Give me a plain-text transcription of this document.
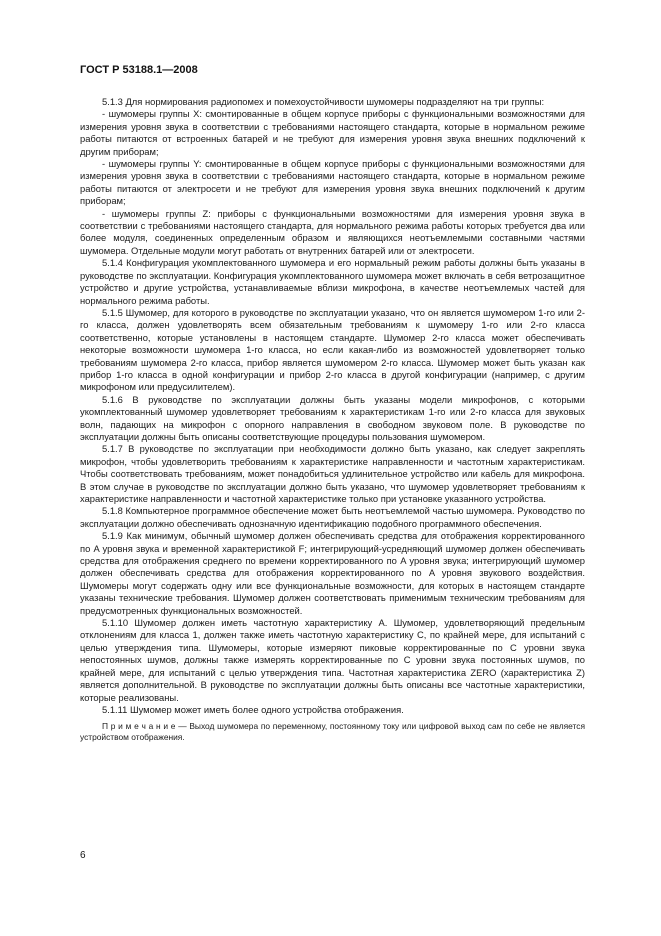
ГОСТ Р 53188.1—2008

5.1.3 Для нормирования радиопомех и помехоустойчивости шумомеры подразделяют на три группы:

- шумомеры группы X: смонтированные в общем корпусе приборы с функциональными возможностями для измерения уровня звука в соответствии с требованиями настоящего стандарта, которые в нормальном режиме работы питаются от встроенных батарей и не требуют для измерения уровня звука внешних подключений к другим приборам;

- шумомеры группы Y: смонтированные в общем корпусе приборы с функциональными возможностями для измерения уровня звука в соответствии с требованиями настоящего стандарта, которые в нормальном режиме работы питаются от электросети и не требуют для измерения уровня звука внешних подключений к другим приборам;

- шумомеры группы Z: приборы с функциональными возможностями для измерения уровня звука в соответствии с требованиями настоящего стандарта, для нормального режима работы которых требуется два или более модуля, соединенных определенным образом и являющихся неотъемлемыми составными частями шумомера. Отдельные модули могут работать от внутренних батарей или от электросети.

5.1.4 Конфигурация укомплектованного шумомера и его нормальный режим работы должны быть указаны в руководстве по эксплуатации. Конфигурация укомплектованного шумомера может включать в себя ветрозащитное устройство и другие устройства, устанавливаемые вблизи микрофона, в качестве неотъемлемых частей для нормального режима работы.

5.1.5 Шумомер, для которого в руководстве по эксплуатации указано, что он является шумомером 1-го или 2-го класса, должен удовлетворять всем обязательным требованиям к шумомеру 1-го или 2-го класса соответственно, которые установлены в настоящем стандарте. Шумомер 2-го класса может обеспечивать некоторые возможности шумомера 1-го класса, но если какая-либо из возможностей удовлетворяет только требованиям шумомера 2-го класса, прибор является шумомером 2-го класса. Шумомер может быть указан как прибор 1-го класса в одной конфигурации и прибор 2-го класса в другой конфигурации (например, с другим микрофоном или предусилителем).

5.1.6 В руководстве по эксплуатации должны быть указаны модели микрофонов, с которыми укомплектованный шумомер удовлетворяет требованиям к характеристикам 1-го или 2-го класса для звуковых волн, падающих на микрофон с опорного направления в свободном звуковом поле. В руководстве по эксплуатации должны быть описаны соответствующие процедуры пользования шумомером.

5.1.7 В руководстве по эксплуатации при необходимости должно быть указано, как следует закреплять микрофон, чтобы удовлетворить требованиям к характеристике направленности и частотным характеристикам. Чтобы соответствовать требованиям, может понадобиться удлинительное устройство или кабель для микрофона. В этом случае в руководстве по эксплуатации должно быть указано, что шумомер удовлетворяет требованиям к характеристике направленности и частотной характеристике только при установке указанного устройства.

5.1.8 Компьютерное программное обеспечение может быть неотъемлемой частью шумомера. Руководство по эксплуатации должно обеспечивать однозначную идентификацию подобного программного обеспечения.

5.1.9 Как минимум, обычный шумомер должен обеспечивать средства для отображения корректированного по A уровня звука и временной характеристикой F; интегрирующий-усредняющий шумомер должен обеспечивать средства для отображения среднего по времени корректированного по A уровня звука; интегрирующий шумомер должен обеспечивать средства для отображения корректированного по A уровня звукового воздействия. Шумомеры могут содержать одну или все функциональные возможности, для которых в настоящем стандарте указаны технические требования. Шумомер должен соответствовать применимым техническим требованиям для предусмотренных функциональных возможностей.

5.1.10 Шумомер должен иметь частотную характеристику A. Шумомер, удовлетворяющий предельным отклонениям для класса 1, должен также иметь частотную характеристику C, по крайней мере, для испытаний с целью утверждения типа. Шумомеры, которые измеряют пиковые корректированные по C уровни звука непостоянных шумов, должны также измерять корректированные по C уровни звука постоянных шумов, по крайней мере, для испытаний с целью утверждения типа. Частотная характеристика ZERO (характеристика Z) является дополнительной. В руководстве по эксплуатации должны быть описаны все частотные характеристики, которые реализованы.

5.1.11 Шумомер может иметь более одного устройства отображения.

П р и м е ч а н и е — Выход шумомера по переменному, постоянному току или цифровой выход сам по себе не является устройством отображения.

6
